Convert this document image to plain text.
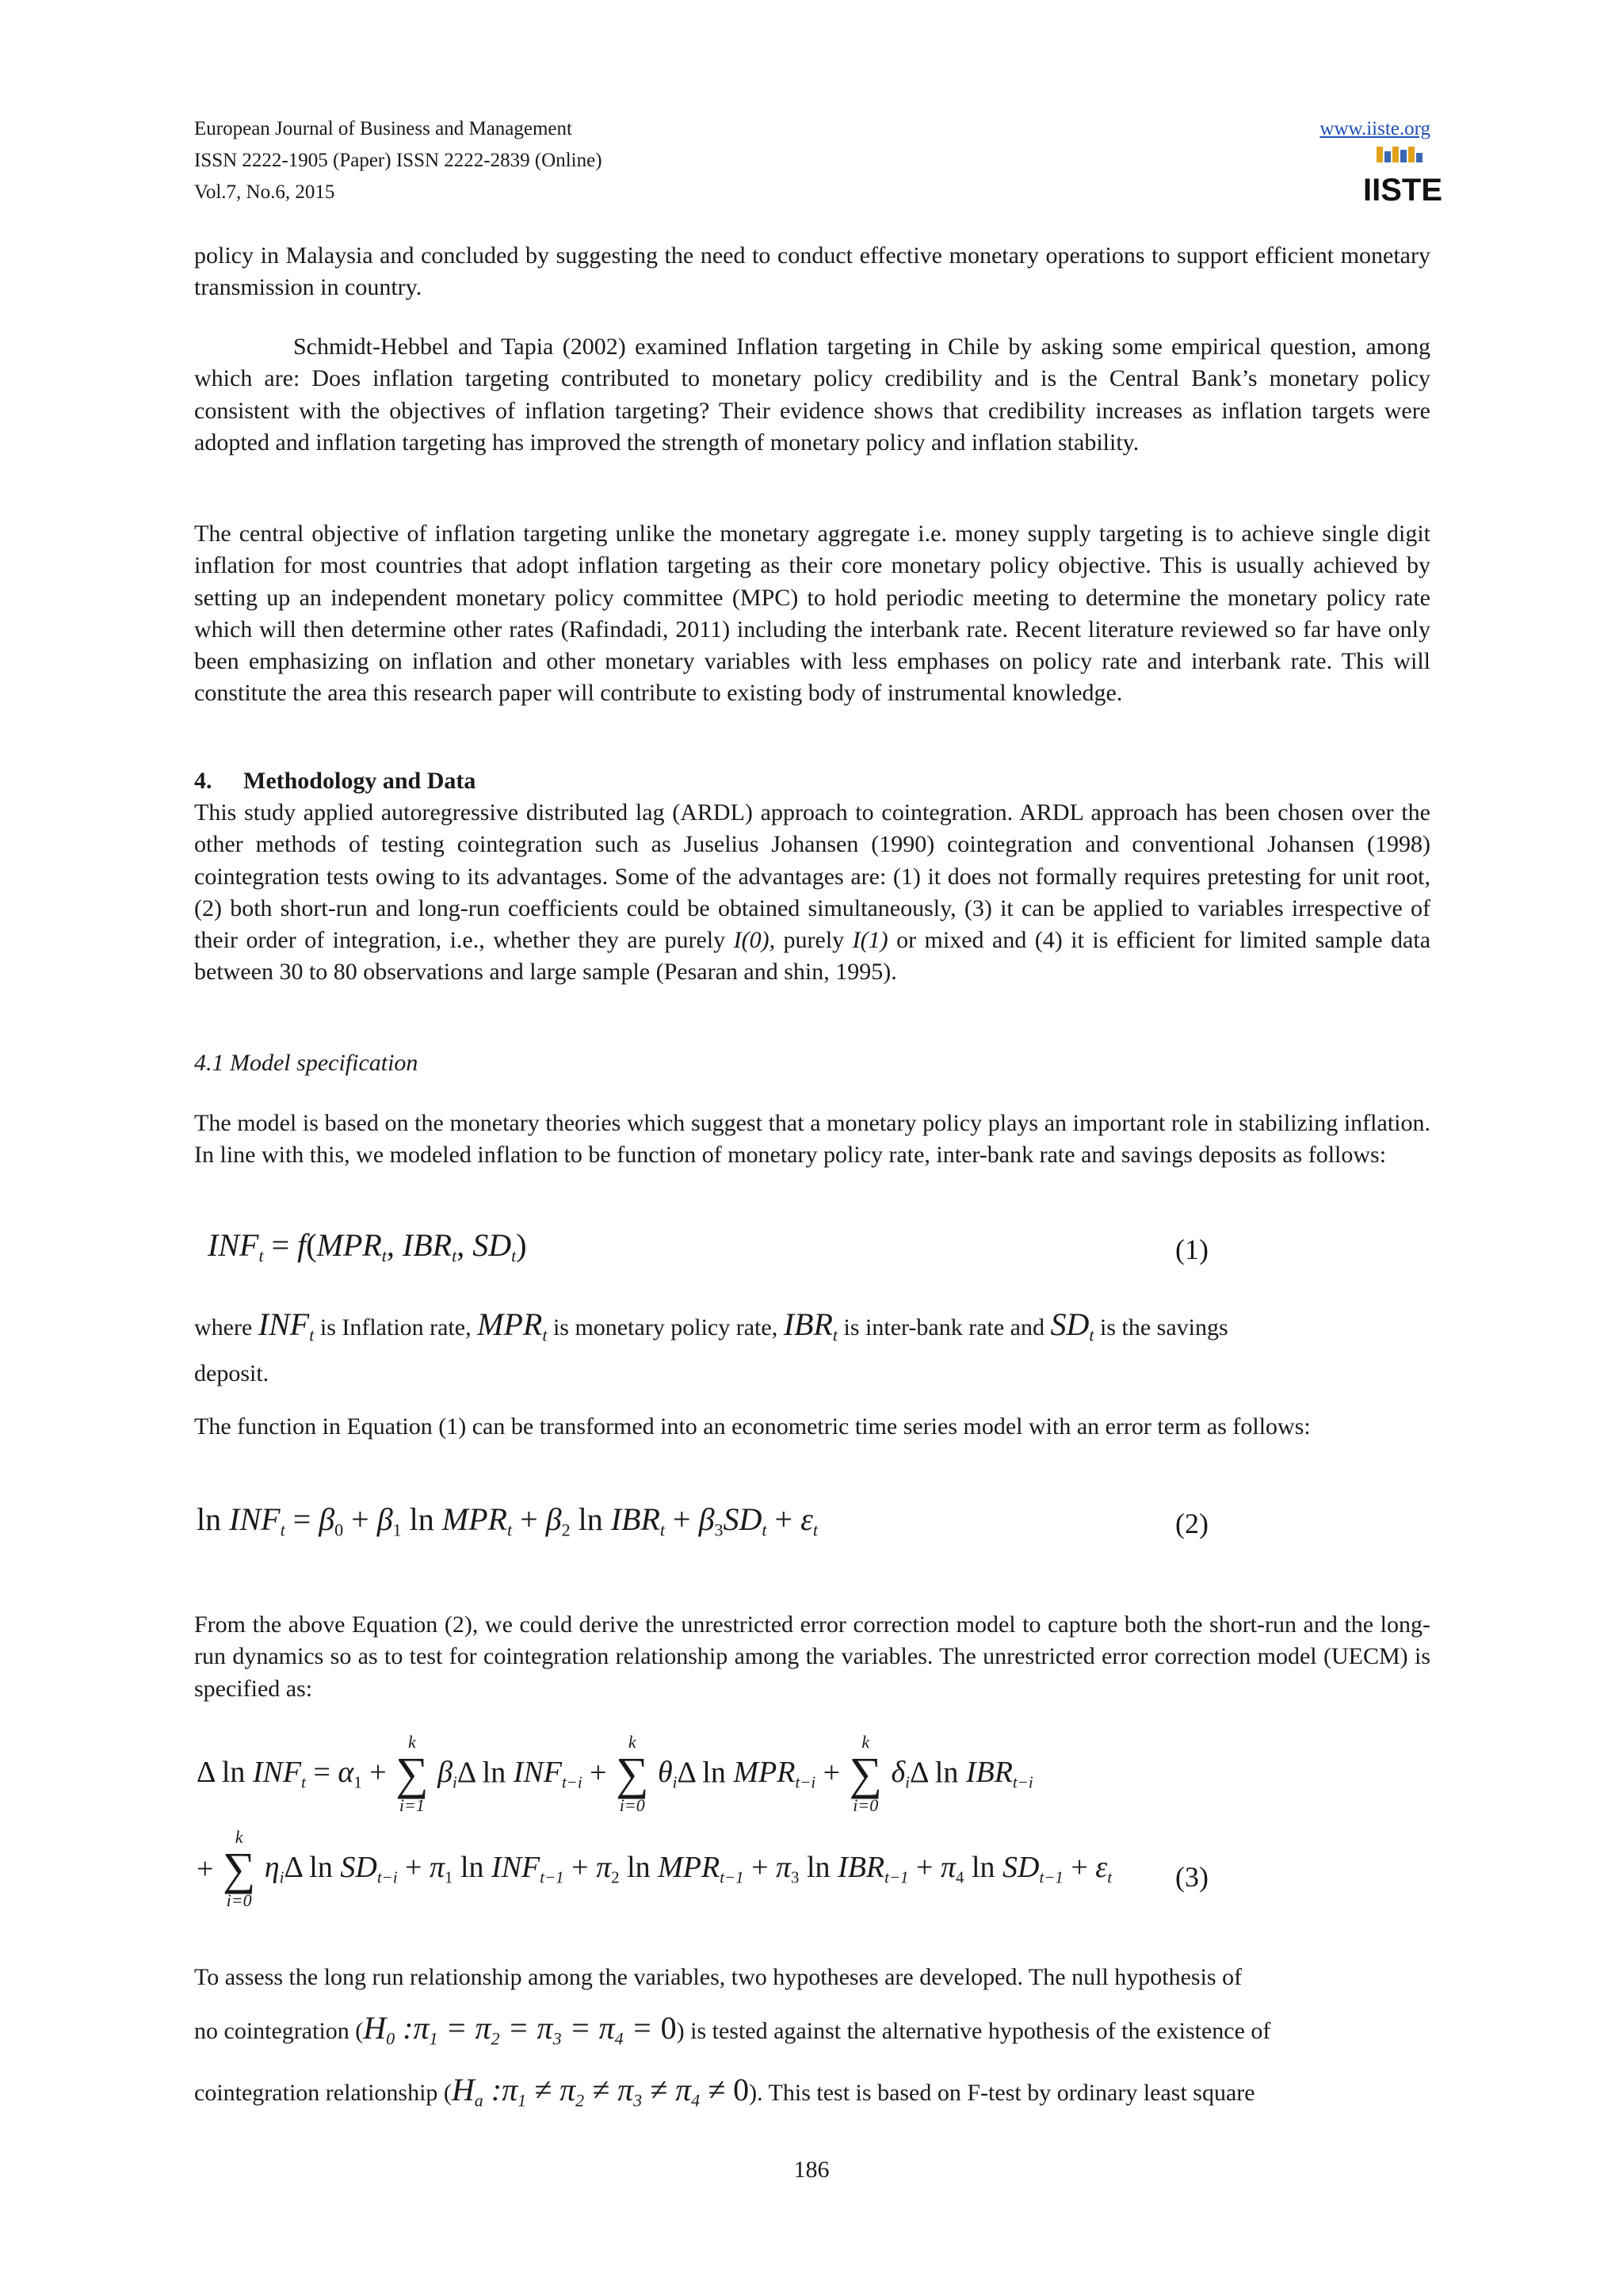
European Journal of Business and Management
ISSN 2222-1905 (Paper) ISSN 2222-2839 (Online)
Vol.7, No.6, 2015
www.iiste.org
IISTE

policy in Malaysia and concluded by suggesting the need to conduct effective monetary operations to support efficient monetary transmission in country.

Schmidt-Hebbel and Tapia (2002) examined Inflation targeting in Chile by asking some empirical question, among which are: Does inflation targeting contributed to monetary policy credibility and is the Central Bank’s monetary policy consistent with the objectives of inflation targeting? Their evidence shows that credibility increases as inflation targets were adopted and inflation targeting has improved the strength of monetary policy and inflation stability.

The central objective of inflation targeting unlike the monetary aggregate i.e. money supply targeting is to achieve single digit inflation for most countries that adopt inflation targeting as their core monetary policy objective. This is usually achieved by setting up an independent monetary policy committee (MPC) to hold periodic meeting to determine the monetary policy rate which will then determine other rates (Rafindadi, 2011) including the interbank rate. Recent literature reviewed so far have only been emphasizing on inflation and other monetary variables with less emphases on policy rate and interbank rate. This will constitute the area this research paper will contribute to existing body of instrumental knowledge.

4. Methodology and Data

This study applied autoregressive distributed lag (ARDL) approach to cointegration. ARDL approach has been chosen over the other methods of testing cointegration such as Juselius Johansen (1990) cointegration and conventional Johansen (1998) cointegration tests owing to its advantages. Some of the advantages are: (1) it does not formally requires pretesting for unit root, (2) both short-run and long-run coefficients could be obtained simultaneously, (3) it can be applied to variables irrespective of their order of integration, i.e., whether they are purely I(0), purely I(1) or mixed and (4) it is efficient for limited sample data between 30 to 80 observations and large sample (Pesaran and shin, 1995).

4.1 Model specification

The model is based on the monetary theories which suggest that a monetary policy plays an important role in stabilizing inflation. In line with this, we modeled inflation to be function of monetary policy rate, inter-bank rate and savings deposits as follows:

$INF_t = f(MPR_t$, $IBR_t$, $SD_t$)	(1)
where $INF_t$ is Inflation rate, $MPR_t$ is monetary policy rate, $IBR_t$ is inter-bank rate and $SD_t$ is the savings
deposit.

The function in Equation (1) can be transformed into an econometric time series model with an error term as follows:

$\ln INF_t = \beta_0 + \beta_1$ $\ln MPR_t + \beta_2$ $\ln IBR_t + \beta_3SD_t + \varepsilon_t$	(2)

From the above Equation (2), we could derive the unrestricted error correction model to capture both the short-run and the long-run dynamics so as to test for cointegration relationship among the variables. The unrestricted error correction model (UECM) is specified as:

Δ $\ln INF_t = \alpha_1$ +
k
∑
i=1
$\beta_i\Delta$ $\ln INF_{t-i}$ +
k
∑
i=0
$\theta_i\Delta$ $\ln MPR_{t-i}$ +
k
∑
i=0
$\delta_i\Delta$ $\ln IBR_{t-i}$
+
k
∑
i=0
$\eta_i\Delta$ $\ln SD_{t-i} + \pi_1$ $\ln INF_{t-1} + \pi_2$ $\ln MPR_{t-1} + \pi_3$ $\ln IBR_{t-1} + \pi_4$ $\ln SD_{t-1} + \varepsilon_t$ (3)
To assess the long run relationship among the variables, two hypotheses are developed. The null hypothesis of
no cointegration ($H_0$ $:\pi_1 = \pi_2 = \pi_3 = \pi_4 = 0$) is tested against the alternative hypothesis of the existence of
cointegration relationship ($H_a$ $:\pi_1 \ne \pi_2 \ne \pi_3 \ne \pi_4 \ne 0$). This test is based on F-test by ordinary least square
186
